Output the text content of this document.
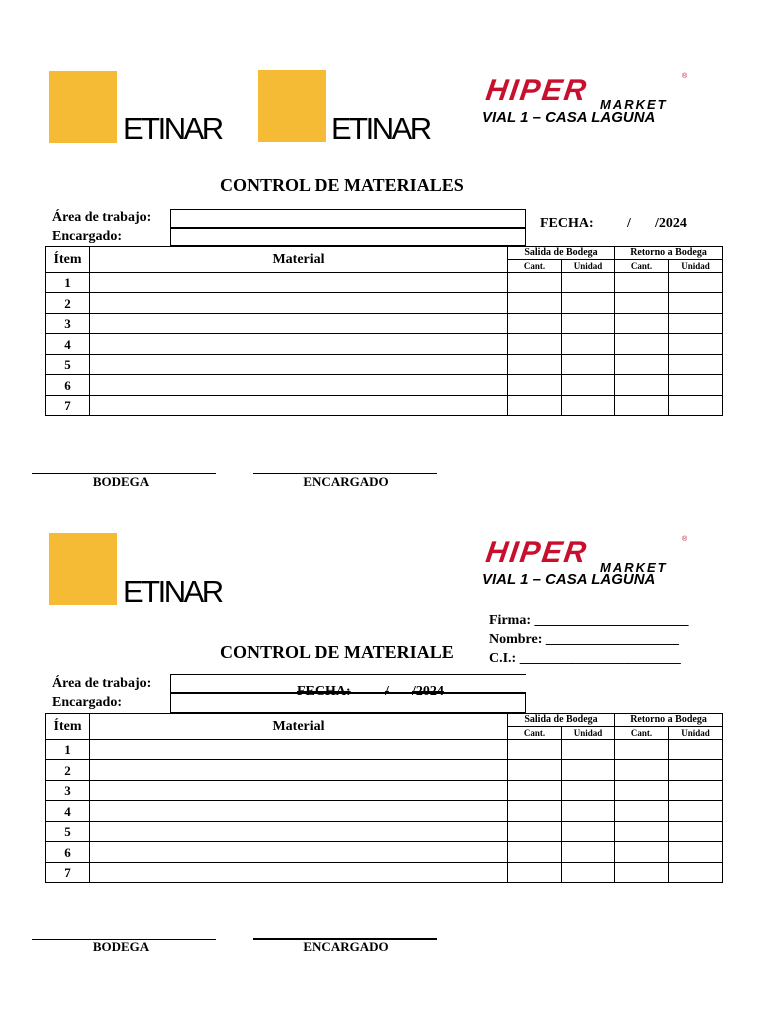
ETINAR	ETINAR
HIPER	®
MARKET
VIAL 1 – CASA LAGUNA
CONTROL DE MATERIALES
Área de trabajo:
Encargado:
FECHA: / /2024
Ítem	Material	Salida de Bodega		Retorno a Bodega	
		Cant.	Unidad	Cant.	Unidad
1					
2					
3					
4					
5					
6					
7					
BODEGA	ENCARGADO
ETINAR
HIPER	®
MARKET
VIAL 1 – CASA LAGUNA
Firma: ______________________
Nombre: ___________________
C.I.: _______________________
CONTROL DE MATERIALE
Área de trabajo:
Encargado:
FECHA: / /2024
Ítem	Material	Salida de Bodega		Retorno a Bodega	
		Cant.	Unidad	Cant.	Unidad
1					
2					
3					
4					
5					
6					
7					
BODEGA	ENCARGADO
